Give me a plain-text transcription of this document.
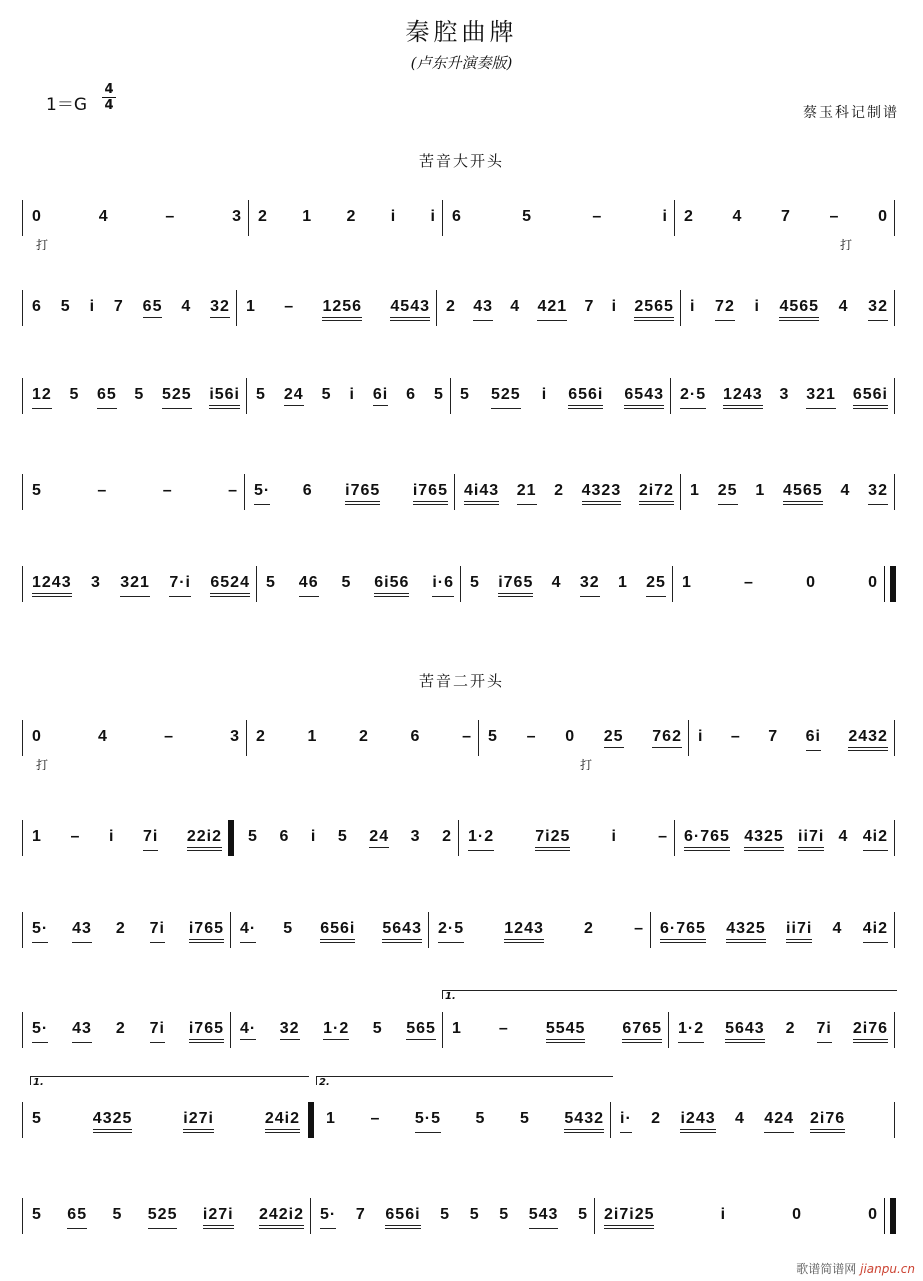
秦腔曲牌
(卢东升演奏版)
1＝G
4
4	蔡玉科记制谱
苦音大开头
苦音二开头
0	4	–	3 2 1 2 i i 6	5	–	i 2 4 7 – 0
打	打
6 5 i 7 65 4 32 1 – 1256 4543 2 43 4 421 7 i 2565 i 72 i 4565 4 32
12 5 65 5 525 i56i 5 24 5 i 6i 6 5 5 525 i 656i 6543 2·5 1243 3 321 656i
5	–	–	– 5· 6 i765 i765 4i43 21 2 4323 2i72 1 25 1 4565 4 32
1243 3 321 7·i 6524 5 46 5 6i56 i·6 5 i765 4 32 1 25 1	–	0	0
0	4	–	3 2	1	2	6	– 5 – 0 25 762 i – 7 6i 2432
打	打
1 – i 7i 22i2 5 6 i 5 24 3 2 1·2	7i25	i	– 6·765 4325 ii7i 4 4i2
5· 43 2 7i i765 4· 5 656i 5643 2·5	1243	2	– 6·765 4325 ii7i 4 4i2
5· 43 2 7i i765 4· 32 1·2 5 565 1 – 5545 6765 1·2 5643 2 7i 2i76
1.
5	4325	i27i	24i2 1 – 5·5 5 5 5432 i· 2 i243 4 424 2i76
1.	2.
5 65 5 525 i27i 242i2 5· 7 656i 5 5 5 543 5 2i7i25	i	0	0
歌谱简谱网 jianpu.cn
